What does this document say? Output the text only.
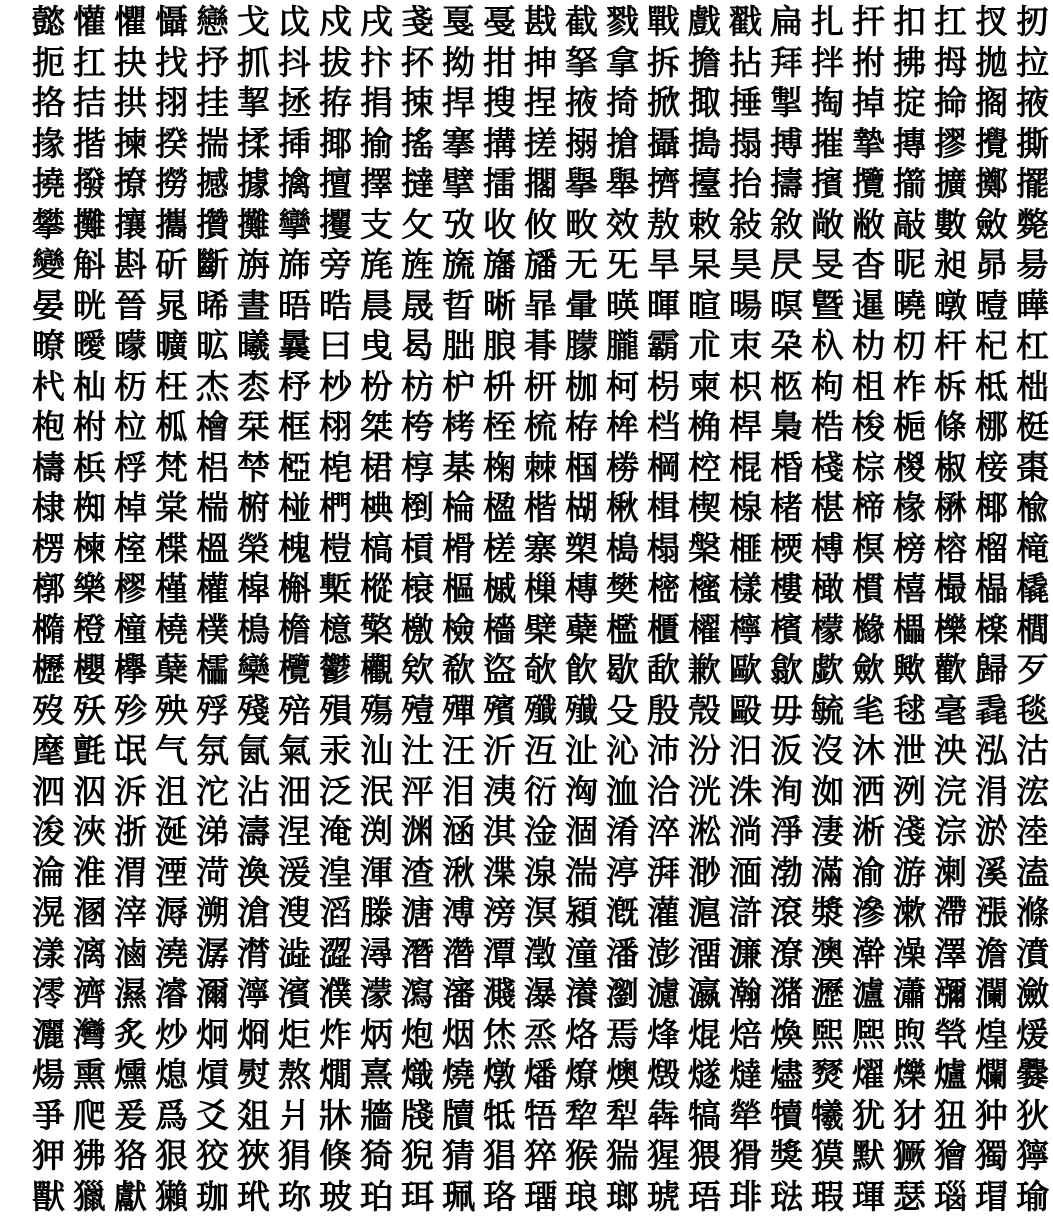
懿 懽 懼 懾 戀 戈 戉 戍 戌 戔 戛 戞 戡 截 戮 戰 戲 戳 扁 扎 扞 扣 扛 扠 扨
扼 扛 抉 找 抒 抓 抖 拔 抃 抔 拗 拑 抻 拏 拿 拆 擔 拈 拜 拌 拊 拂 拇 拋 拉
挌 拮 拱 挧 挂 挈 拯 拵 捐 捒 捍 搜 捏 掖 掎 掀 掫 捶 掣 掏 掉 掟 掵 搁 掖
掾 揩 揀 揆 揣 揉 揷 揶 揄 搖 搴 搆 搓 搦 搶 攝 搗 搨 搏 摧 摯 摶 摎 攪 撕
撓 撥 撩 撈 撼 據 擒 擅 擇 撻 擘 擂 擱 擧 舉 擠 擡 抬 擣 擯 攬 擶 擴 擲 擺
攀 攤 攘 攜 攢 攤 攣 攫 支 攵 攷 收 攸 畋 效 敖 敕 敍 敘 敞 敝 敲 數 斂 斃
變 斛 斟 斫 斷 旃 旆 旁 旄 旌 旒 旛 旙 无 旡 旱 杲 昊 昃 旻 杳 昵 昶 昴 昜
晏 晄 晉 晁 晞 晝 晤 晧 晨 晟 晢 晰 暃 暈 暎 暉 暄 暘 暝 曁 暹 曉 暾 曀 曄
暸 曖 曚 曠 昿 曦 曩 曰 曵 曷 朏 朖 朞 朦 朧 霸 朮 朿 朶 杁 朸 朷 杆 杞 杠
杙 杣 杤 枉 杰 枩 杼 杪 枌 枋 枦 枡 枅 枷 柯 枴 柬 枳 柩 枸 柤 柞 柝 柢 柮
枹 柎 柆 柧 檜 栞 框 栩 桀 桍 栲 桎 梳 栫 桙 档 桷 桿 梟 梏 梭 梔 條 梛 梃
檮 梹 桴 梵 梠 梺 椏 梍 桾 椁 棊 椈 棘 椢 椦 棡 椌 棍 棔 棧 棕 椶 椒 椄 棗
棣 椥 棹 棠 椯 椨 椪 椚 椣 椡 棆 楹 楷 楜 楸 楫 楔 楾 楮 椹 楴 椽 楙 椰 楡
楞 楝 榁 楪 榲 榮 槐 榿 槁 槓 榾 槎 寨 槊 槝 榻 槃 榧 樮 榑 榠 榜 榕 榴 槞
槨 樂 樛 槿 權 槹 槲 槧 樅 榱 樞 槭 樔 槫 樊 樒 櫁 樣 樓 橄 樌 橲 樶 橸 橇
橢 橙 橦 橈 樸 樢 檐 檍 檠 檄 檢 檣 檗 蘗 檻 櫃 櫂 檸 檳 檬 櫞 櫑 櫟 檪 櫚
櫪 櫻 欅 蘖 櫺 欒 欖 鬱 欟 欸 欷 盜 欹 飮 歇 歃 歉 歐 歙 歔 歛 歟 歡 歸 歹
歿 殀 殄 殃 殍 殘 殕 殞 殤 殪 殫 殯 殲 殱 殳 殷 殼 毆 毋 毓 毟 毬 毫 毳 毯
麾 氈 氓 气 氛 氤 氣 汞 汕 汢 汪 沂 沍 沚 沁 沛 汾 汨 汳 沒 沐 泄 泱 泓 沽
泗 泅 泝 沮 沱 沾 沺 泛 泯 泙 泪 洟 衍 洶 洫 洽 洸 洙 洵 洳 洒 洌 浣 涓 浤
浚 浹 浙 涎 涕 濤 涅 淹 渕 渊 涵 淇 淦 涸 淆 淬 淞 淌 淨 淒 淅 淺 淙 淤 淕
淪 淮 渭 湮 渮 渙 湲 湟 渾 渣 湫 渫 湶 湍 渟 湃 渺 湎 渤 滿 渝 游 溂 溪 溘
滉 溷 滓 溽 溯 滄 溲 滔 滕 溏 溥 滂 溟 潁 漑 灌 滬 滸 滾 漿 滲 漱 滯 漲 滌
漾 漓 滷 澆 潺 潸 澁 澀 潯 潛 濳 潭 澂 潼 潘 澎 澑 濂 潦 澳 澣 澡 澤 澹 濆
澪 濟 濕 濬 濔 濘 濱 濮 濛 瀉 瀋 濺 瀑 瀁 瀏 濾 瀛 瀚 潴 瀝 瀘 瀟 瀰 瀾 瀲
灑 灣 炙 炒 炯 烱 炬 炸 炳 炮 烟 烋 烝 烙 焉 烽 焜 焙 煥 煕 熈 煦 煢 煌 煖
煬 熏 燻 熄 熕 熨 熬 燗 熹 熾 燒 燉 燔 燎 燠 燬 燧 燵 燼 燹 燿 爍 爐 爛 爨
爭 爬 爰 爲 爻 爼 爿 牀 牆 牋 牘 牴 牾 犂 犁 犇 犒 犖 犢 犧 犹 犲 狃 狆 狄
狎 狒 狢 狠 狡 狹 狷 倏 猗 猊 猜 猖 猝 猴 猯 猩 猥 猾 獎 獏 默 獗 獪 獨 獰
獸 獵 獻 獺 珈 玳 珎 玻 珀 珥 珮 珞 璢 琅 瑯 琥 珸 琲 琺 瑕 琿 瑟 瑙 瑁 瑜
